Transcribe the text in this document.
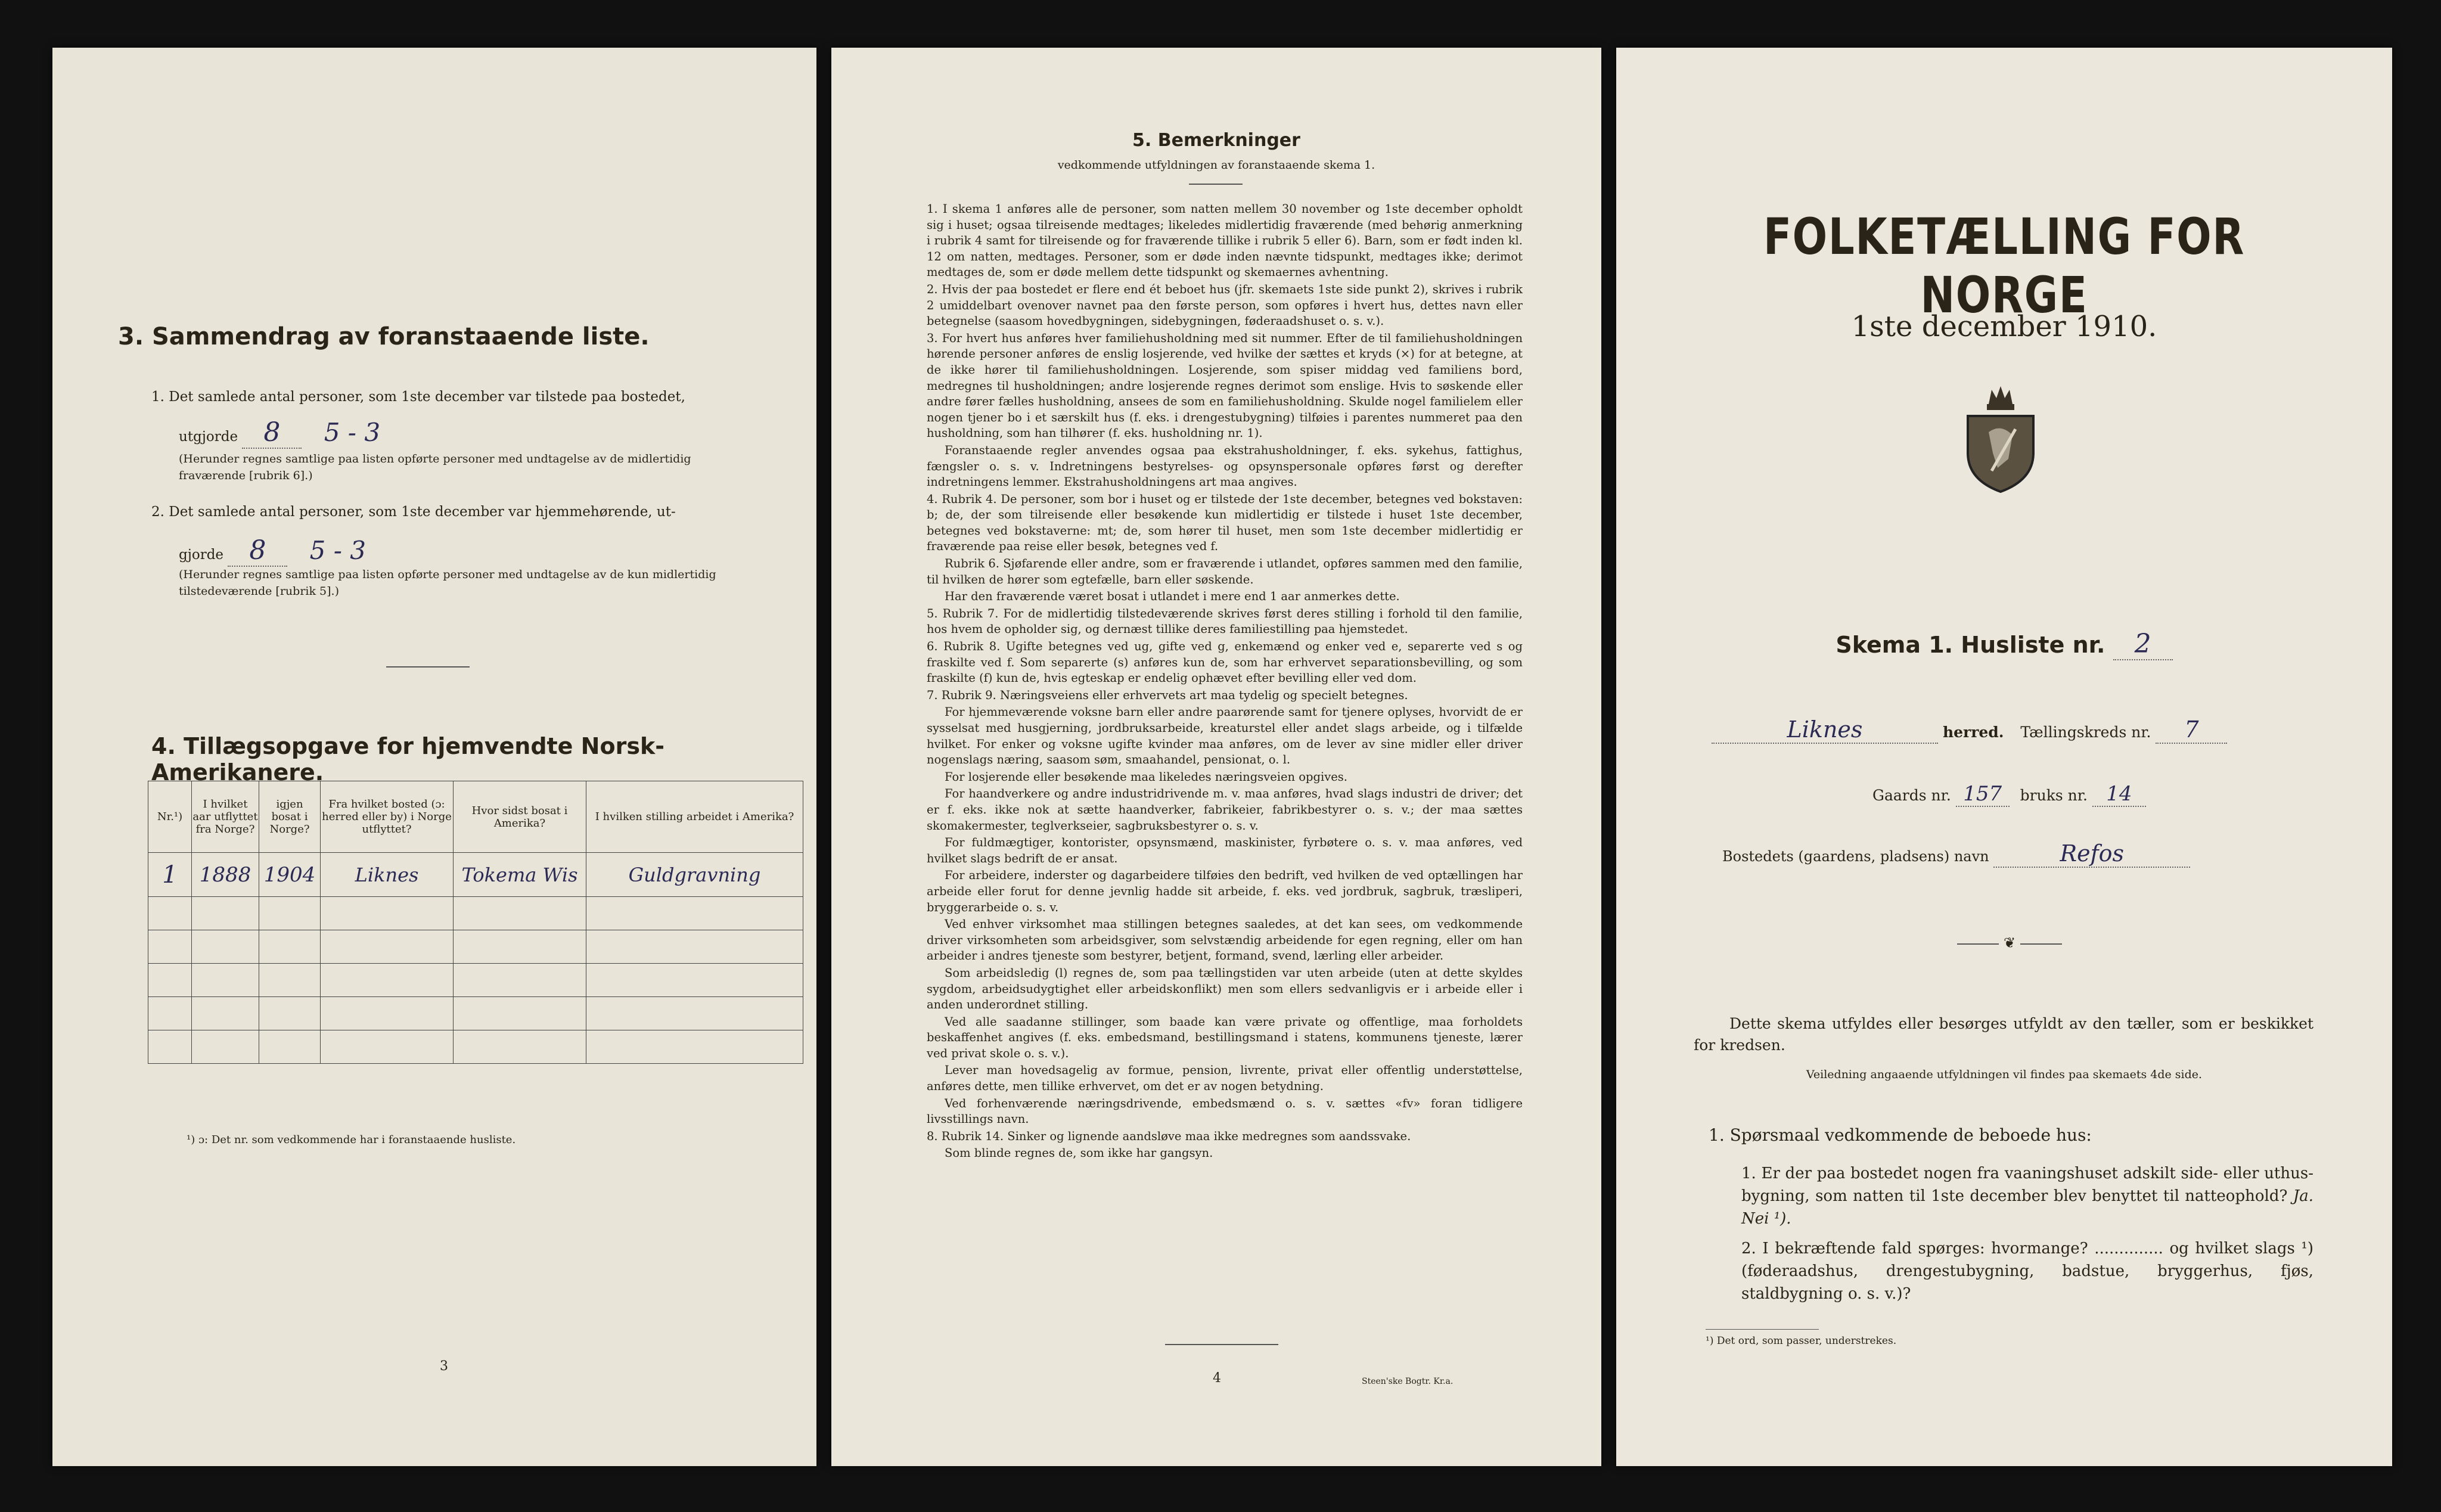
3. Sammendrag av foranstaaende liste.
1. Det samlede antal personer, som 1ste december var tilstede paa bostedet,
utgjorde 8 5 - 3
(Herunder regnes samtlige paa listen opførte personer med undtagelse av de midlertidig fraværende [rubrik 6].)
2. Det samlede antal personer, som 1ste december var hjemmehørende, ut-
gjorde 8 5 - 3
(Herunder regnes samtlige paa listen opførte personer med undtagelse av de kun midlertidig tilstedeværende [rubrik 5].)
4. Tillægsopgave for hjemvendte Norsk-Amerikanere.
Nr.¹)	I hvilket aar utflyttet fra Norge?	igjen bosat i Norge?	Fra hvilket bosted (ɔ: herred eller by) i Norge utflyttet?	Hvor sidst bosat i Amerika?	I hvilken stilling arbeidet i Amerika?
1	1888	1904	Liknes	Tokema Wis	Guldgravning

¹) ɔ: Det nr. som vedkommende har i foranstaaende husliste.
3
5. Bemerkninger
vedkommende utfyldningen av foranstaaende skema 1.

1. I skema 1 anføres alle de personer, som natten mellem 30 november og 1ste december opholdt sig i huset; ogsaa tilreisende medtages; likeledes midlertidig fraværende (med behørig anmerkning i rubrik 4 samt for tilreisende og for fraværende tillike i rubrik 5 eller 6). Barn, som er født inden kl. 12 om natten, medtages. Personer, som er døde inden nævnte tidspunkt, medtages ikke; derimot medtages de, som er døde mellem dette tidspunkt og skemaernes avhentning.

2. Hvis der paa bostedet er flere end ét beboet hus (jfr. skemaets 1ste side punkt 2), skrives i rubrik 2 umiddelbart ovenover navnet paa den første person, som opføres i hvert hus, dettes navn eller betegnelse (saasom hovedbygningen, sidebygningen, føderaadshuset o. s. v.).

3. For hvert hus anføres hver familiehusholdning med sit nummer. Efter de til familiehusholdningen hørende personer anføres de enslig losjerende, ved hvilke der sættes et kryds (×) for at betegne, at de ikke hører til familiehusholdningen. Losjerende, som spiser middag ved familiens bord, medregnes til husholdningen; andre losjerende regnes derimot som enslige. Hvis to søskende eller andre fører fælles husholdning, ansees de som en familiehusholdning. Skulde nogel familielem eller nogen tjener bo i et særskilt hus (f. eks. i drengestubygning) tilføies i parentes nummeret paa den husholdning, som han tilhører (f. eks. husholdning nr. 1).

Foranstaaende regler anvendes ogsaa paa ekstrahusholdninger, f. eks. sykehus, fattighus, fængsler o. s. v. Indretningens bestyrelses- og opsynspersonale opføres først og derefter indretningens lemmer. Ekstrahusholdningens art maa angives.

4. Rubrik 4. De personer, som bor i huset og er tilstede der 1ste december, betegnes ved bokstaven: b; de, der som tilreisende eller besøkende kun midlertidig er tilstede i huset 1ste december, betegnes ved bokstaverne: mt; de, som hører til huset, men som 1ste december midlertidig er fraværende paa reise eller besøk, betegnes ved f.

Rubrik 6. Sjøfarende eller andre, som er fraværende i utlandet, opføres sammen med den familie, til hvilken de hører som egtefælle, barn eller søskende.

Har den fraværende været bosat i utlandet i mere end 1 aar anmerkes dette.

5. Rubrik 7. For de midlertidig tilstedeværende skrives først deres stilling i forhold til den familie, hos hvem de opholder sig, og dernæst tillike deres familiestilling paa hjemstedet.

6. Rubrik 8. Ugifte betegnes ved ug, gifte ved g, enkemænd og enker ved e, separerte ved s og fraskilte ved f. Som separerte (s) anføres kun de, som har erhvervet separationsbevilling, og som fraskilte (f) kun de, hvis egteskap er endelig ophævet efter bevilling eller ved dom.

7. Rubrik 9. Næringsveiens eller erhvervets art maa tydelig og specielt betegnes.

For hjemmeværende voksne barn eller andre paarørende samt for tjenere oplyses, hvorvidt de er sysselsat med husgjerning, jordbruksarbeide, kreaturstel eller andet slags arbeide, og i tilfælde hvilket. For enker og voksne ugifte kvinder maa anføres, om de lever av sine midler eller driver nogenslags næring, saasom søm, smaahandel, pensionat, o. l.

For losjerende eller besøkende maa likeledes næringsveien opgives.

For haandverkere og andre industridrivende m. v. maa anføres, hvad slags industri de driver; det er f. eks. ikke nok at sætte haandverker, fabrikeier, fabrikbestyrer o. s. v.; der maa sættes skomakermester, teglverkseier, sagbruksbestyrer o. s. v.

For fuldmægtiger, kontorister, opsynsmænd, maskinister, fyrbøtere o. s. v. maa anføres, ved hvilket slags bedrift de er ansat.

For arbeidere, inderster og dagarbeidere tilføies den bedrift, ved hvilken de ved optællingen har arbeide eller forut for denne jevnlig hadde sit arbeide, f. eks. ved jordbruk, sagbruk, træsliperi, bryggerarbeide o. s. v.

Ved enhver virksomhet maa stillingen betegnes saaledes, at det kan sees, om vedkommende driver virksomheten som arbeidsgiver, som selvstændig arbeidende for egen regning, eller om han arbeider i andres tjeneste som bestyrer, betjent, formand, svend, lærling eller arbeider.

Som arbeidsledig (l) regnes de, som paa tællingstiden var uten arbeide (uten at dette skyldes sygdom, arbeidsudygtighet eller arbeidskonflikt) men som ellers sedvanligvis er i arbeide eller i anden underordnet stilling.

Ved alle saadanne stillinger, som baade kan være private og offentlige, maa forholdets beskaffenhet angives (f. eks. embedsmand, bestillingsmand i statens, kommunens tjeneste, lærer ved privat skole o. s. v.).

Lever man hovedsagelig av formue, pension, livrente, privat eller offentlig understøttelse, anføres dette, men tillike erhvervet, om det er av nogen betydning.

Ved forhenværende næringsdrivende, embedsmænd o. s. v. sættes «fv» foran tidligere livsstillings navn.

8. Rubrik 14. Sinker og lignende aandsløve maa ikke medregnes som aandssvake.

Som blinde regnes de, som ikke har gangsyn.

4	Steen'ske Bogtr. Kr.a.
FOLKETÆLLING FOR NORGE
1ste december 1910.
Skema 1. Husliste nr. 2
Liknes	herred. Tællingskreds nr. 7
Gaards nr. 157 bruks nr. 14
Bostedets (gaardens, pladsens) navn	Refos
❦
Dette skema utfyldes eller besørges utfyldt av den tæller, som er beskikket for kredsen.
Veiledning angaaende utfyldningen vil findes paa skemaets 4de side.
1. Spørsmaal vedkommende de beboede hus:
1. Er der paa bostedet nogen fra vaaningshuset adskilt side- eller uthus-bygning, som natten til 1ste december blev benyttet til natteophold? Ja. Nei ¹).
2. I bekræftende fald spørges: hvormange? .............. og hvilket slags ¹) (føderaadshus, drengestubygning, badstue, bryggerhus, fjøs, staldbygning o. s. v.)?
¹) Det ord, som passer, understrekes.
